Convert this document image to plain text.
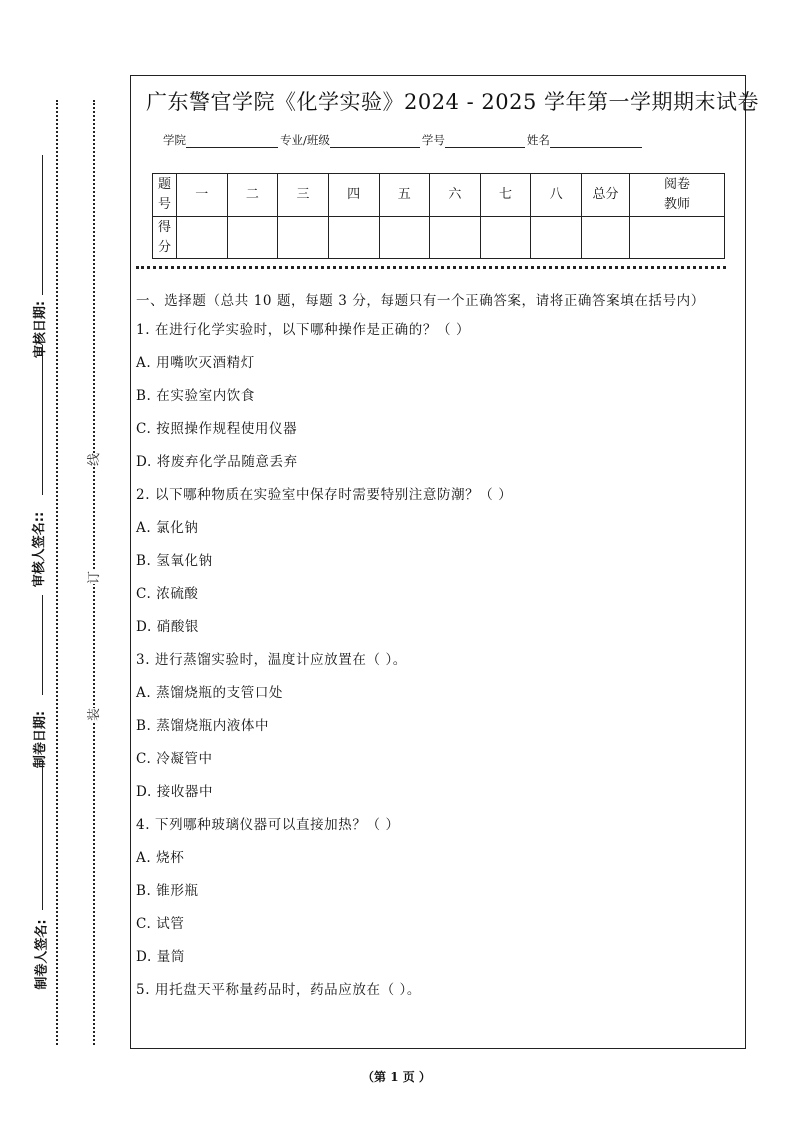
审核日期:
审核人签名::
制卷日期:
制卷人签名:
线
订
装
广东警官学院《化学实验》2024 - 2025 学年第一学期期末试卷
学院	专业/班级	学号	姓名
题号	一	二	三	四	五	六	七	八	总分	阅卷教师
得分										

一、选择题（总共 10 题，每题 3 分，每题只有一个正确答案，请将正确答案填在括号内）

1. 在进行化学实验时，以下哪种操作是正确的？（ ）

A. 用嘴吹灭酒精灯

B. 在实验室内饮食

C. 按照操作规程使用仪器

D. 将废弃化学品随意丢弃

2. 以下哪种物质在实验室中保存时需要特别注意防潮？（ ）

A. 氯化钠

B. 氢氧化钠

C. 浓硫酸

D. 硝酸银

3. 进行蒸馏实验时，温度计应放置在（ ）。

A. 蒸馏烧瓶的支管口处

B. 蒸馏烧瓶内液体中

C. 冷凝管中

D. 接收器中

4. 下列哪种玻璃仪器可以直接加热？（ ）

A. 烧杯

B. 锥形瓶

C. 试管

D. 量筒

5. 用托盘天平称量药品时，药品应放在（ ）。

（第 1 页 ）
